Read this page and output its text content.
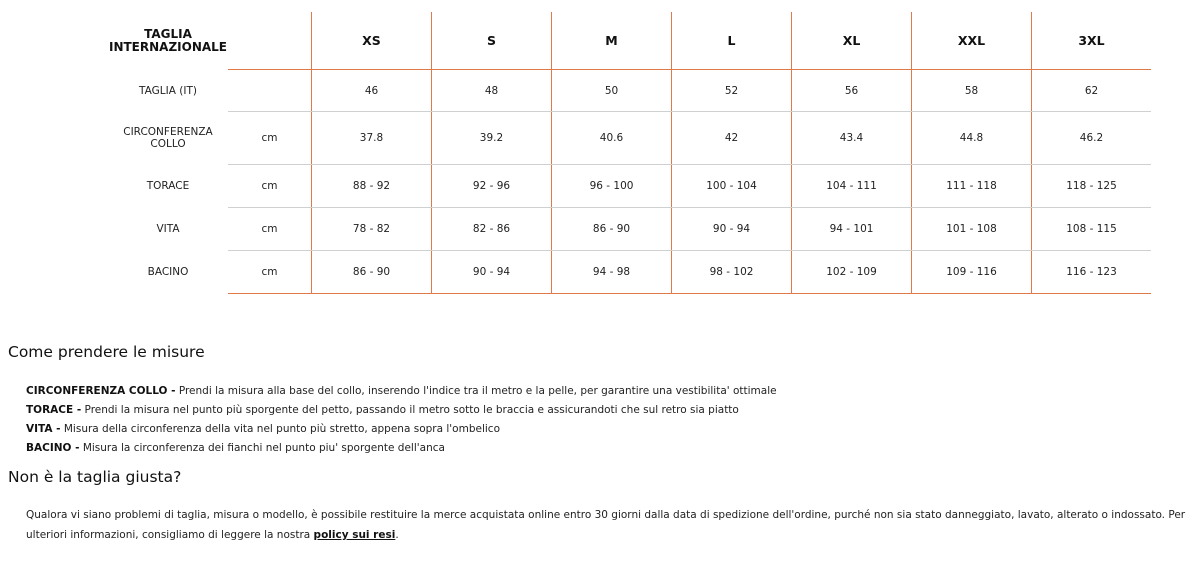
TAGLIA
INTERNAZIONALE		XS	S	M	L	XL	XXL	3XL
TAGLIA (IT)		46	48	50	52	56	58	62
CIRCONFERENZA
COLLO	cm	37.8	39.2	40.6	42	43.4	44.8	46.2
TORACE	cm	88 - 92	92 - 96	96 - 100	100 - 104	104 - 111	111 - 118	118 - 125
VITA	cm	78 - 82	82 - 86	86 - 90	90 - 94	94 - 101	101 - 108	108 - 115
BACINO	cm	86 - 90	90 - 94	94 - 98	98 - 102	102 - 109	109 - 116	116 - 123
Come prendere le misure
CIRCONFERENZA COLLO - Prendi la misura alla base del collo, inserendo l'indice tra il metro e la pelle, per garantire una vestibilita' ottimale
TORACE - Prendi la misura nel punto più sporgente del petto, passando il metro sotto le braccia e assicurandoti che sul retro sia piatto
VITA - Misura della circonferenza della vita nel punto più stretto, appena sopra l'ombelico
BACINO - Misura la circonferenza dei fianchi nel punto piu' sporgente dell'anca
Non è la taglia giusta?

Qualora vi siano problemi di taglia, misura o modello, è possibile restituire la merce acquistata online entro 30 giorni dalla data di spedizione dell'ordine, purché non sia stato danneggiato, lavato, alterato o indossato. Per ulteriori informazioni, consigliamo di leggere la nostra policy sui resi.
